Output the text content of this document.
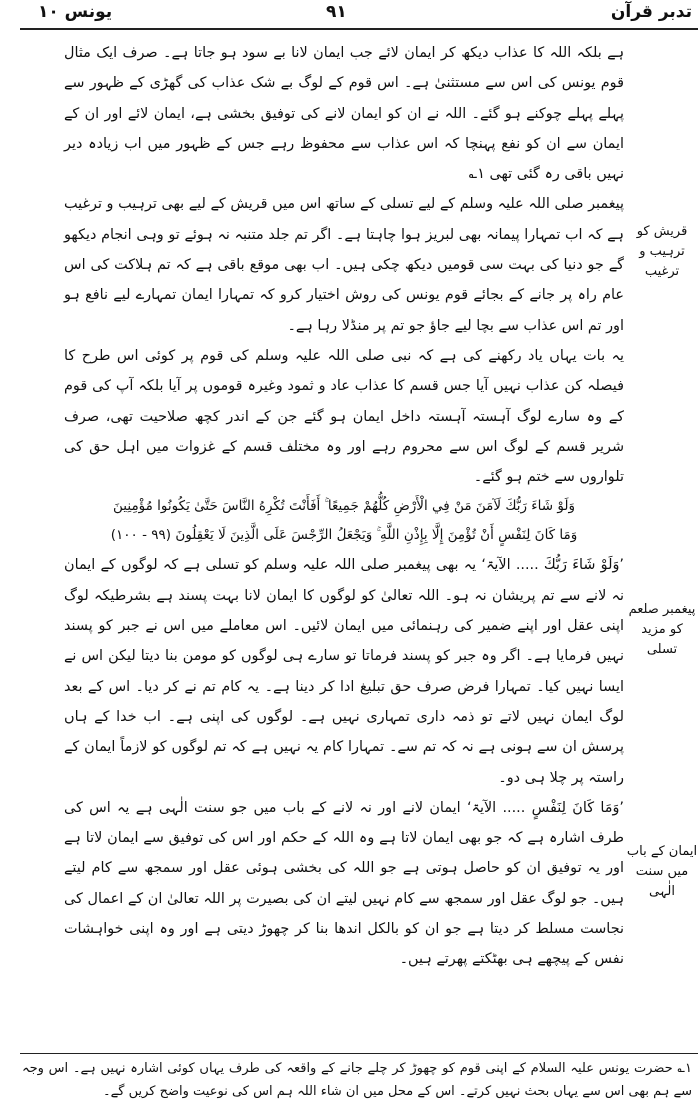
تدبر قرآن
۹۱
یونس ۱۰

ہے بلکہ اللہ کا عذاب دیکھ کر ایمان لائے جب ایمان لانا بے سود ہو جاتا ہے۔ صرف ایک مثال قوم یونس کی اس سے مستثنیٰ ہے۔ اس قوم کے لوگ بے شک عذاب کی گھڑی کے ظہور سے پہلے پہلے چوکنے ہو گئے۔ اللہ نے ان کو ایمان لانے کی توفیق بخشی ہے، ایمان لائے اور ان کے ایمان سے ان کو نفع پہنچا کہ اس عذاب سے محفوظ رہے جس کے ظہور میں اب زیادہ دیر نہیں باقی رہ گئی تھی ۱؎

پیغمبر صلی اللہ علیہ وسلم کے لیے تسلی کے ساتھ اس میں قریش کے لیے بھی ترہیب و ترغیب ہے کہ اب تمہارا پیمانہ بھی لبریز ہوا چاہتا ہے۔ اگر تم جلد متنبہ نہ ہوئے تو وہی انجام دیکھو گے جو دنیا کی بہت سی قومیں دیکھ چکی ہیں۔ اب بھی موقع باقی ہے کہ تم ہلاکت کی اس عام راہ پر جانے کے بجائے قوم یونس کی روش اختیار کرو کہ تمہارا ایمان تمہارے لیے نافع ہو اور تم اس عذاب سے بچا لیے جاؤ جو تم پر منڈلا رہا ہے۔

یہ بات یہاں یاد رکھنے کی ہے کہ نبی صلی اللہ علیہ وسلم کی قوم پر کوئی اس طرح کا فیصلہ کن عذاب نہیں آیا جس قسم کا عذاب عاد و ثمود وغیرہ قوموں پر آیا بلکہ آپ کی قوم کے وہ سارے لوگ آہستہ آہستہ داخل ایمان ہو گئے جن کے اندر کچھ صلاحیت تھی، صرف شریر قسم کے لوگ اس سے محروم رہے اور وہ مختلف قسم کے غزوات میں اہل حق کی تلواروں سے ختم ہو گئے۔

وَلَوْ شَاءَ رَبُّكَ لَآمَنَ مَنْ فِي الْأَرْضِ كُلُّهُمْ جَمِيعًا ۚ أَفَأَنْتَ تُكْرِهُ النَّاسَ حَتَّىٰ يَكُونُوا مُؤْمِنِينَ

وَمَا كَانَ لِنَفْسٍ أَنْ تُؤْمِنَ إِلَّا بِإِذْنِ اللَّهِ ۚ وَيَجْعَلُ الرِّجْسَ عَلَى الَّذِينَ لَا يَعْقِلُونَ (۹۹ - ۱۰۰)

’وَلَوْ شَاءَ رَبُّكَ ..... الآیۃ‘ یہ بھی پیغمبر صلی اللہ علیہ وسلم کو تسلی ہے کہ لوگوں کے ایمان نہ لانے سے تم پریشان نہ ہو۔ اللہ تعالیٰ کو لوگوں کا ایمان لانا بہت پسند ہے بشرطیکہ لوگ اپنی عقل اور اپنے ضمیر کی رہنمائی میں ایمان لائیں۔ اس معاملے میں اس نے جبر کو پسند نہیں فرمایا ہے۔ اگر وہ جبر کو پسند فرماتا تو سارے ہی لوگوں کو مومن بنا دیتا لیکن اس نے ایسا نہیں کیا۔ تمہارا فرض صرف حق تبلیغ ادا کر دینا ہے۔ یہ کام تم نے کر دیا۔ اس کے بعد لوگ ایمان نہیں لاتے تو ذمہ داری تمہاری نہیں ہے۔ لوگوں کی اپنی ہے۔ اب خدا کے ہاں پرسش ان سے ہونی ہے نہ کہ تم سے۔ تمہارا کام یہ نہیں ہے کہ تم لوگوں کو لازماً ایمان کے راستہ پر چلا ہی دو۔

’وَمَا كَانَ لِنَفْسٍ ..... الآیۃ‘ ایمان لانے اور نہ لانے کے باب میں جو سنت الٰہی ہے یہ اس کی طرف اشارہ ہے کہ جو بھی ایمان لاتا ہے وہ اللہ کے حکم اور اس کی توفیق سے ایمان لاتا ہے اور یہ توفیق ان کو حاصل ہوتی ہے جو اللہ کی بخشی ہوئی عقل اور سمجھ سے کام لیتے ہیں۔ جو لوگ عقل اور سمجھ سے کام نہیں لیتے ان کی بصیرت پر اللہ تعالیٰ ان کے اعمال کی نجاست مسلط کر دیتا ہے جو ان کو بالکل اندھا بنا کر چھوڑ دیتی ہے اور وہ اپنی خواہشات نفس کے پیچھے ہی بھٹکتے پھرتے ہیں۔

قریش کو ترہیب و ترغیب
پیغمبر صلعم کو مزید تسلی
ایمان کے باب میں سنت الٰہی
۱؎ حضرت یونس علیہ السلام کے اپنی قوم کو چھوڑ کر چلے جانے کے واقعہ کی طرف یہاں کوئی اشارہ نہیں ہے۔ اس وجہ سے ہم بھی اس سے یہاں بحث نہیں کرتے۔ اس کے محل میں ان شاء اللہ ہم اس کی نوعیت واضح کریں گے۔
